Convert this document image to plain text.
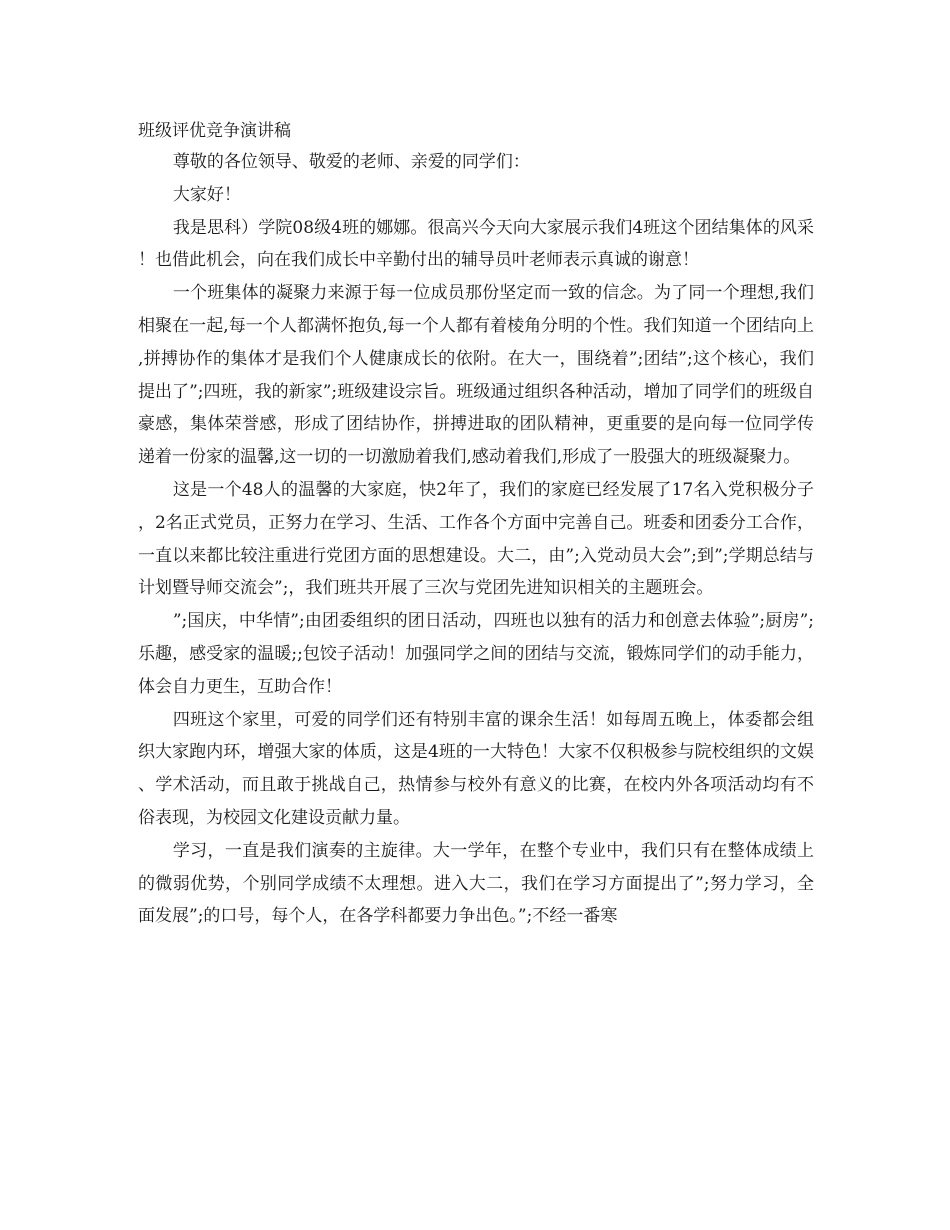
班级评优竞争演讲稿

尊敬的各位领导、敬爱的老师、亲爱的同学们：

大家好！

我是思科）学院08级4班的娜娜。很高兴今天向大家展示我们4班这个团结集体的风采！也借此机会，向在我们成长中辛勤付出的辅导员叶老师表示真诚的谢意！

一个班集体的凝聚力来源于每一位成员那份坚定而一致的信念。为了同一个理想,我们相聚在一起,每一个人都满怀抱负,每一个人都有着棱角分明的个性。我们知道一个团结向上,拼搏协作的集体才是我们个人健康成长的依附。在大一，围绕着”;团结”;这个核心，我们提出了”;四班，我的新家”;班级建设宗旨。班级通过组织各种活动，增加了同学们的班级自豪感，集体荣誉感，形成了团结协作，拼搏进取的团队精神，更重要的是向每一位同学传递着一份家的温馨,这一切的一切激励着我们,感动着我们,形成了一股强大的班级凝聚力。

这是一个48人的温馨的大家庭，快2年了，我们的家庭已经发展了17名入党积极分子，2名正式党员，正努力在学习、生活、工作各个方面中完善自己。班委和团委分工合作，一直以来都比较注重进行党团方面的思想建设。大二，由”;入党动员大会”;到”;学期总结与计划暨导师交流会”;，我们班共开展了三次与党团先进知识相关的主题班会。

”;国庆，中华情”;由团委组织的团日活动，四班也以独有的活力和创意去体验”;厨房”;乐趣，感受家的温暖;;包饺子活动！加强同学之间的团结与交流，锻炼同学们的动手能力，体会自力更生，互助合作！

四班这个家里，可爱的同学们还有特别丰富的课余生活！如每周五晚上，体委都会组织大家跑内环，增强大家的体质，这是4班的一大特色！大家不仅积极参与院校组织的文娱、学术活动，而且敢于挑战自己，热情参与校外有意义的比赛，在校内外各项活动均有不俗表现，为校园文化建设贡献力量。

学习，一直是我们演奏的主旋律。大一学年，在整个专业中，我们只有在整体成绩上的微弱优势，个别同学成绩不太理想。进入大二，我们在学习方面提出了”;努力学习，全面发展”;的口号，每个人，在各学科都要力争出色。”;不经一番寒
